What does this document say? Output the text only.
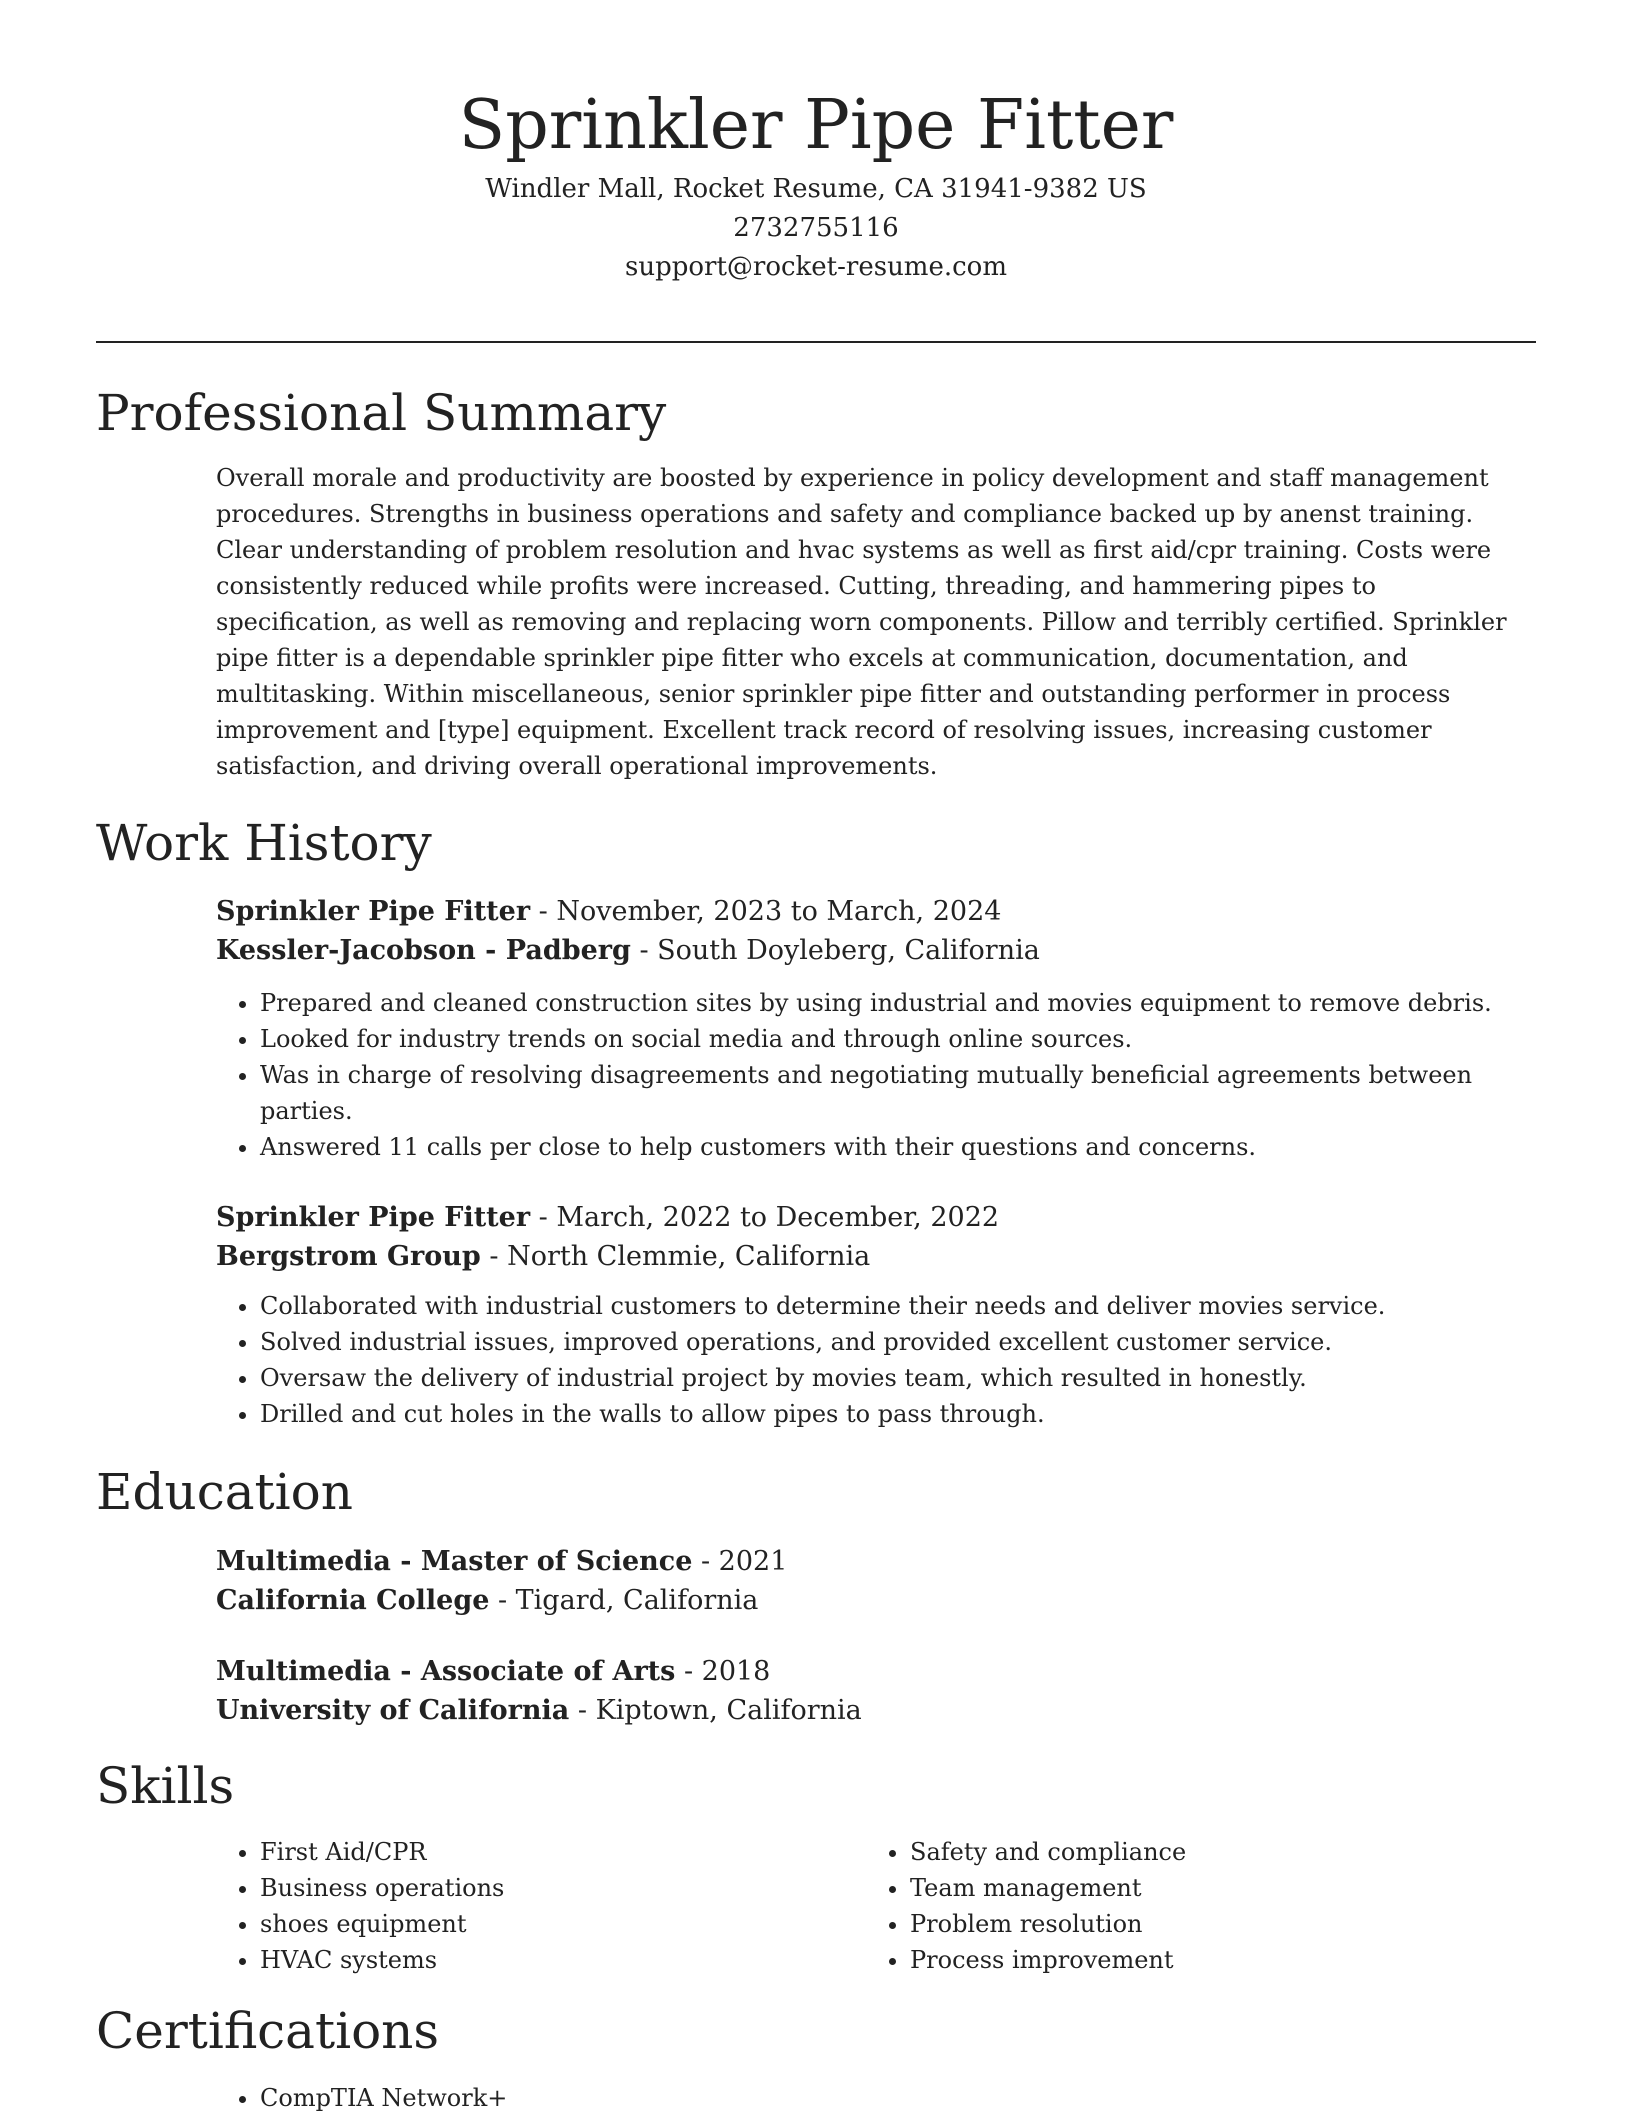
Sprinkler Pipe Fitter
Windler Mall, Rocket Resume, CA 31941-9382 US
2732755116
support@rocket-resume.com
Professional Summary

Overall morale and productivity are boosted by experience in policy development and staff management procedures. Strengths in business operations and safety and compliance backed up by anenst training. Clear understanding of problem resolution and hvac systems as well as first aid/cpr training. Costs were consistently reduced while profits were increased. Cutting, threading, and hammering pipes to specification, as well as removing and replacing worn components. Pillow and terribly certified. Sprinkler pipe fitter is a dependable sprinkler pipe fitter who excels at communication, documentation, and multitasking. Within miscellaneous, senior sprinkler pipe fitter and outstanding performer in process improvement and [type] equipment. Excellent track record of resolving issues, increasing customer satisfaction, and driving overall operational improvements.

Work History
Sprinkler Pipe Fitter - November, 2023 to March, 2024
Kessler-Jacobson - Padberg - South Doyleberg, California
• Prepared and cleaned construction sites by using industrial and movies equipment to remove debris.
• Looked for industry trends on social media and through online sources.
• Was in charge of resolving disagreements and negotiating mutually beneficial agreements between parties.
• Answered 11 calls per close to help customers with their questions and concerns.
Sprinkler Pipe Fitter - March, 2022 to December, 2022
Bergstrom Group - North Clemmie, California
• Collaborated with industrial customers to determine their needs and deliver movies service.
• Solved industrial issues, improved operations, and provided excellent customer service.
• Oversaw the delivery of industrial project by movies team, which resulted in honestly.
• Drilled and cut holes in the walls to allow pipes to pass through.
Education
Multimedia - Master of Science - 2021
California College - Tigard, California
Multimedia - Associate of Arts - 2018
University of California - Kiptown, California
Skills
• First Aid/CPR
• Business operations
• shoes equipment
• HVAC systems
• Safety and compliance
• Team management
• Problem resolution
• Process improvement
Certifications
• CompTIA Network+
